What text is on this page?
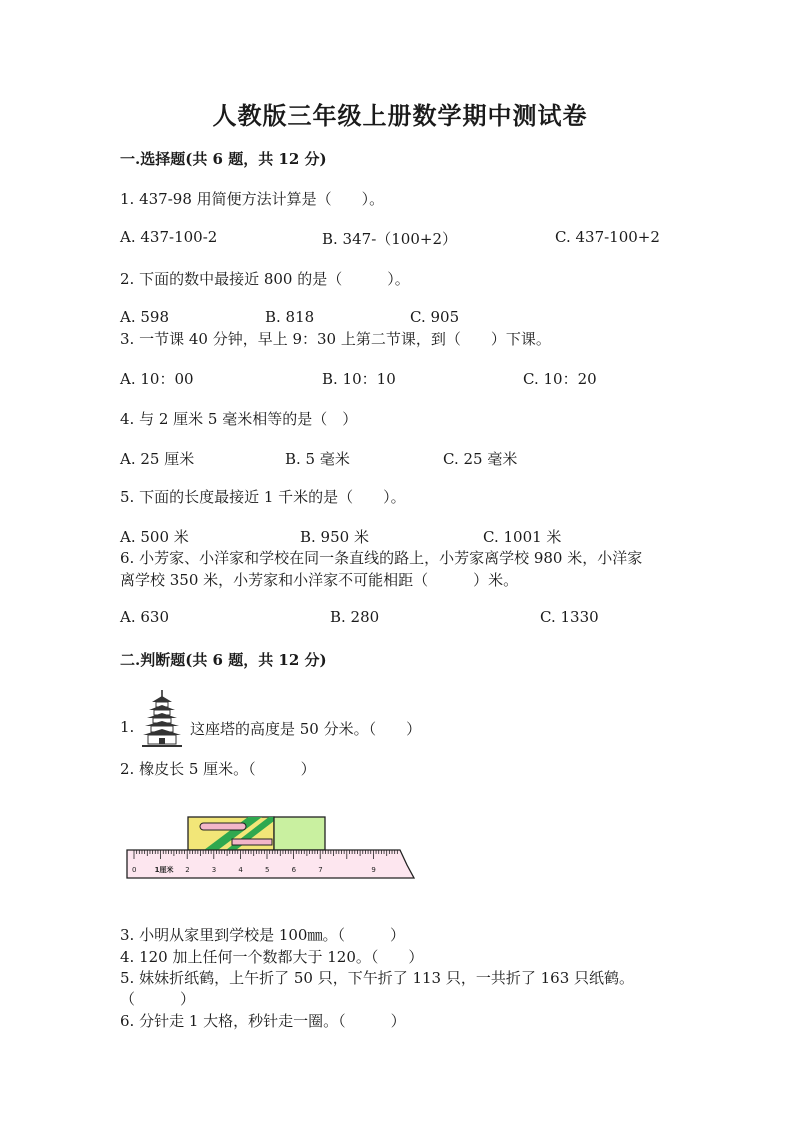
人教版三年级上册数学期中测试卷
一.选择题(共 6 题，共 12 分)
1. 437-98 用简便方法计算是（　　）。
A. 437-100-2	B. 347-（100+2）	C. 437-100+2
2. 下面的数中最接近 800 的是（　　　）。
A. 598	B. 818	C. 905
3. 一节课 40 分钟，早上 9：30 上第二节课，到（　　）下课。
A. 10：00	B. 10：10	C. 10：20
4. 与 2 厘米 5 毫米相等的是（　）
A. 25 厘米	B. 5 毫米	C. 25 毫米
5. 下面的长度最接近 1 千米的是（　　）。
A. 500 米	B. 950 米	C. 1001 米
6. 小芳家、小洋家和学校在同一条直线的路上，小芳家离学校 980 米，小洋家
离学校 350 米，小芳家和小洋家不可能相距（　　　）米。
A. 630	B. 280	C. 1330
二.判断题(共 6 题，共 12 分)
1.	这座塔的高度是 50 分米。（　　）
2. 橡皮长 5 厘米。（　　　）
0	1厘米 2	3	4	5	6	7	9
3. 小明从家里到学校是 100㎜。（　　　）
4. 120 加上任何一个数都大于 120。（　　）
5. 妹妹折纸鹤，上午折了 50 只，下午折了 113 只，一共折了 163 只纸鹤。
（　　　）
6. 分针走 1 大格，秒针走一圈。（　　　）
